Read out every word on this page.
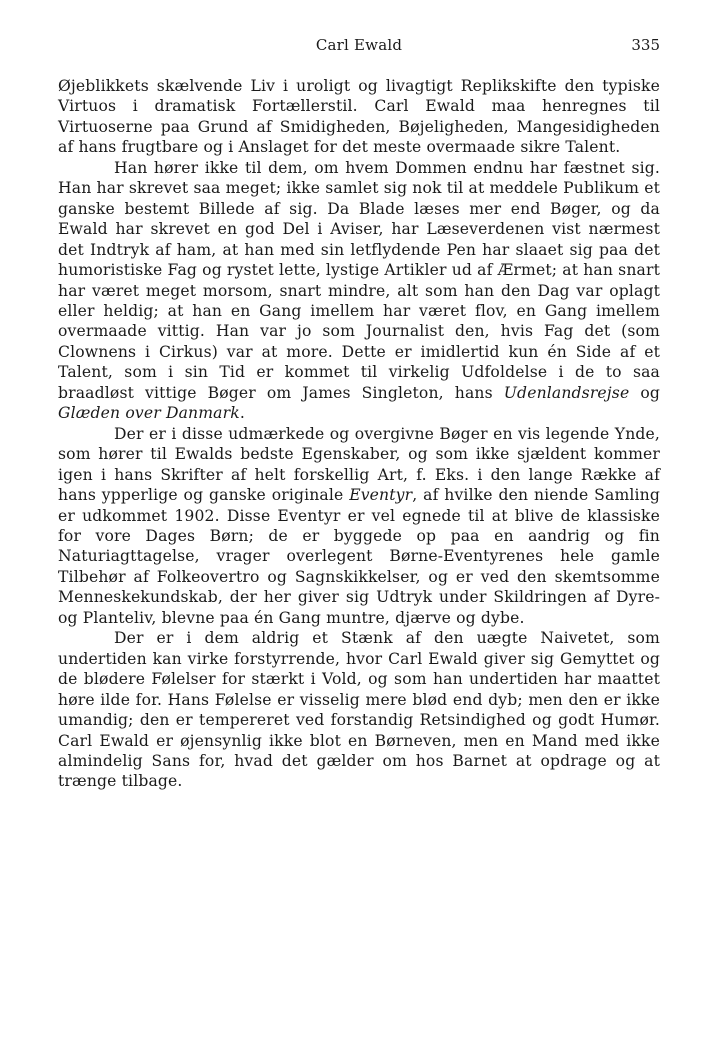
Carl Ewald	335

Øjeblikkets skælvende Liv i uroligt og livagtigt Replikskifte den typiske Virtuos i dramatisk Fortællerstil. Carl Ewald maa henregnes til Virtuoserne paa Grund af Smidigheden, Bøjeligheden, Mangesidigheden af hans frugtbare og i Anslaget for det meste overmaade sikre Talent.

Han hører ikke til dem, om hvem Dommen endnu har fæstnet sig. Han har skrevet saa meget; ikke samlet sig nok til at meddele Publikum et ganske bestemt Billede af sig. Da Blade læses mer end Bøger, og da Ewald har skrevet en god Del i Aviser, har Læseverdenen vist nærmest det Indtryk af ham, at han med sin letflydende Pen har slaaet sig paa det humoristiske Fag og rystet lette, lystige Artikler ud af Ærmet; at han snart har været meget morsom, snart mindre, alt som han den Dag var oplagt eller heldig; at han en Gang imellem har været flov, en Gang imellem overmaade vittig. Han var jo som Journalist den, hvis Fag det (som Clownens i Cirkus) var at more. Dette er imidlertid kun én Side af et Talent, som i sin Tid er kommet til virkelig Udfoldelse i de to saa braadløst vittige Bøger om James Singleton, hans Udenlandsrejse og Glæden over Danmark.

Der er i disse udmærkede og overgivne Bøger en vis legende Ynde, som hører til Ewalds bedste Egenskaber, og som ikke sjældent kommer igen i hans Skrifter af helt forskellig Art, f. Eks. i den lange Række af hans ypperlige og ganske originale Eventyr, af hvilke den niende Samling er udkommet 1902. Disse Eventyr er vel egnede til at blive de klassiske for vore Dages Børn; de er byggede op paa en aandrig og fin Naturiagttagelse, vrager overlegent Børne-Eventyrenes hele gamle Tilbehør af Folkeovertro og Sagnskikkelser, og er ved den skemtsomme Menneskekundskab, der her giver sig Udtryk under Skildringen af Dyre- og Planteliv, blevne paa én Gang muntre, djærve og dybe.

Der er i dem aldrig et Stænk af den uægte Naivetet, som undertiden kan virke forstyrrende, hvor Carl Ewald giver sig Gemyttet og de blødere Følelser for stærkt i Vold, og som han undertiden har maattet høre ilde for. Hans Følelse er visselig mere blød end dyb; men den er ikke umandig; den er tempereret ved forstandig Retsindighed og godt Humør. Carl Ewald er øjensynlig ikke blot en Børneven, men en Mand med ikke almindelig Sans for, hvad det gælder om hos Barnet at opdrage og at trænge tilbage.
